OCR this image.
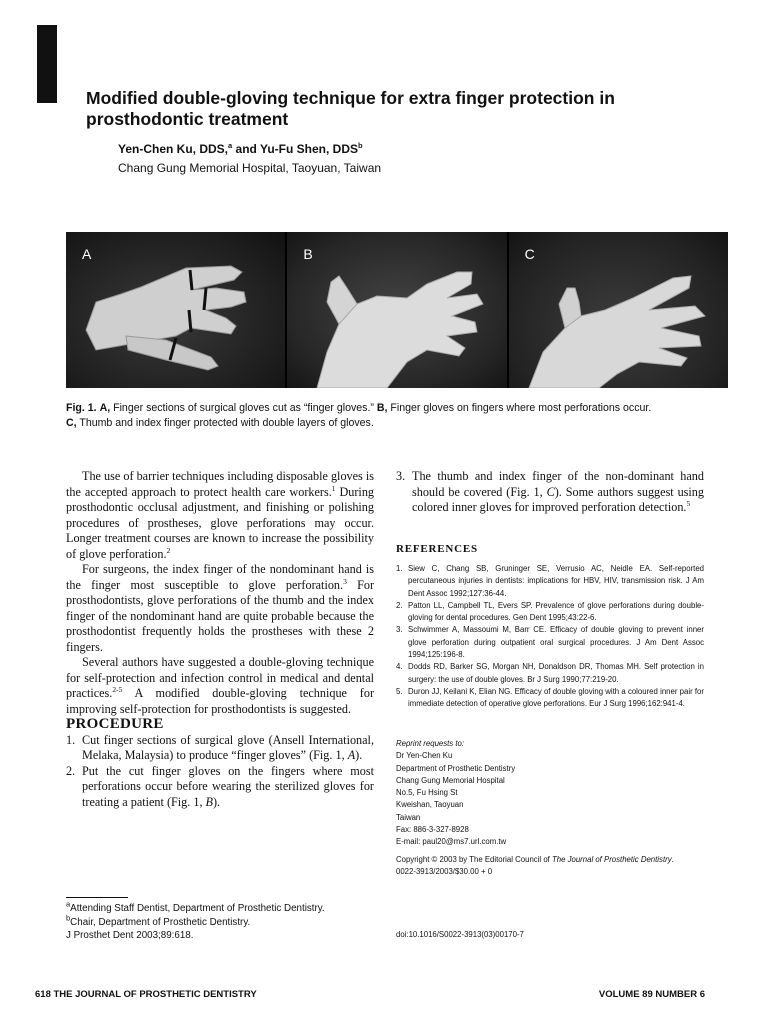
Modified double-gloving technique for extra finger protection in prosthodontic treatment
Yen-Chen Ku, DDS,$^a$ and Yu-Fu Shen, DDS$^b$
Chang Gung Memorial Hospital, Taoyuan, Taiwan
A	B	C
Fig. 1. A, Finger sections of surgical gloves cut as “finger gloves.” B, Finger gloves on fingers where most perforations occur.
C, Thumb and index finger protected with double layers of gloves.

The use of barrier techniques including disposable gloves is the accepted approach to protect health care workers.$^1$ During prosthodontic occlusal adjustment, and finishing or polishing procedures of prostheses, glove perforations may occur. Longer treatment courses are known to increase the possibility of glove perforation.$^2$

For surgeons, the index finger of the nondominant hand is the finger most susceptible to glove perforation.$^3$ For prosthodontists, glove perforations of the thumb and the index finger of the nondominant hand are quite probable because the prosthodontist frequently holds the prostheses with these 2 fingers.

Several authors have suggested a double-gloving technique for self-protection and infection control in medical and dental practices.$^{2-5}$ A modified double-gloving technique for improving self-protection for prosthodontists is suggested.

PROCEDURE

1. Cut finger sections of surgical glove (Ansell International, Melaka, Malaysia) to produce “finger gloves” (Fig. 1, A).
2. Put the cut finger gloves on the fingers where most perforations occur before wearing the sterilized gloves for treating a patient (Fig. 1, B).
3. The thumb and index finger of the non-dominant hand should be covered (Fig. 1, C). Some authors suggest using colored inner gloves for improved perforation detection.$^5$
REFERENCES
1. Siew C, Chang SB, Gruninger SE, Verrusio AC, Neidle EA. Self-reported percutaneous injuries in dentists: implications for HBV, HIV, transmission risk. J Am Dent Assoc 1992;127:36-44.
2. Patton LL, Campbell TL, Evers SP. Prevalence of glove perforations during double-gloving for dental procedures. Gen Dent 1995;43:22-6.
3. Schwimmer A, Massoumi M, Barr CE. Efficacy of double gloving to prevent inner glove perforation during outpatient oral surgical procedures. J Am Dent Assoc 1994;125:196-8.
4. Dodds RD, Barker SG, Morgan NH, Donaldson DR, Thomas MH. Self protection in surgery: the use of double gloves. Br J Surg 1990;77:219-20.
5. Duron JJ, Keilani K, Elian NG. Efficacy of double gloving with a coloured inner pair for immediate detection of operative glove perforations. Eur J Surg 1996;162:941-4.
Reprint requests to:
Dr Yen-Chen Ku
Department of Prosthetic Dentistry
Chang Gung Memorial Hospital
No.5, Fu Hsing St
Kweishan, Taoyuan
Taiwan
Fax: 886-3-327-8928
E-mail: paul20@ms7.url.com.tw
Copyright © 2003 by The Editorial Council of The Journal of Prosthetic Dentistry.
0022-3913/2003/$30.00 + 0
$^a$Attending Staff Dentist, Department of Prosthetic Dentistry.
$^b$Chair, Department of Prosthetic Dentistry.
J Prosthet Dent 2003;89:618.	doi:10.1016/S0022-3913(03)00170-7
618 THE JOURNAL OF PROSTHETIC DENTISTRY	VOLUME 89 NUMBER 6
